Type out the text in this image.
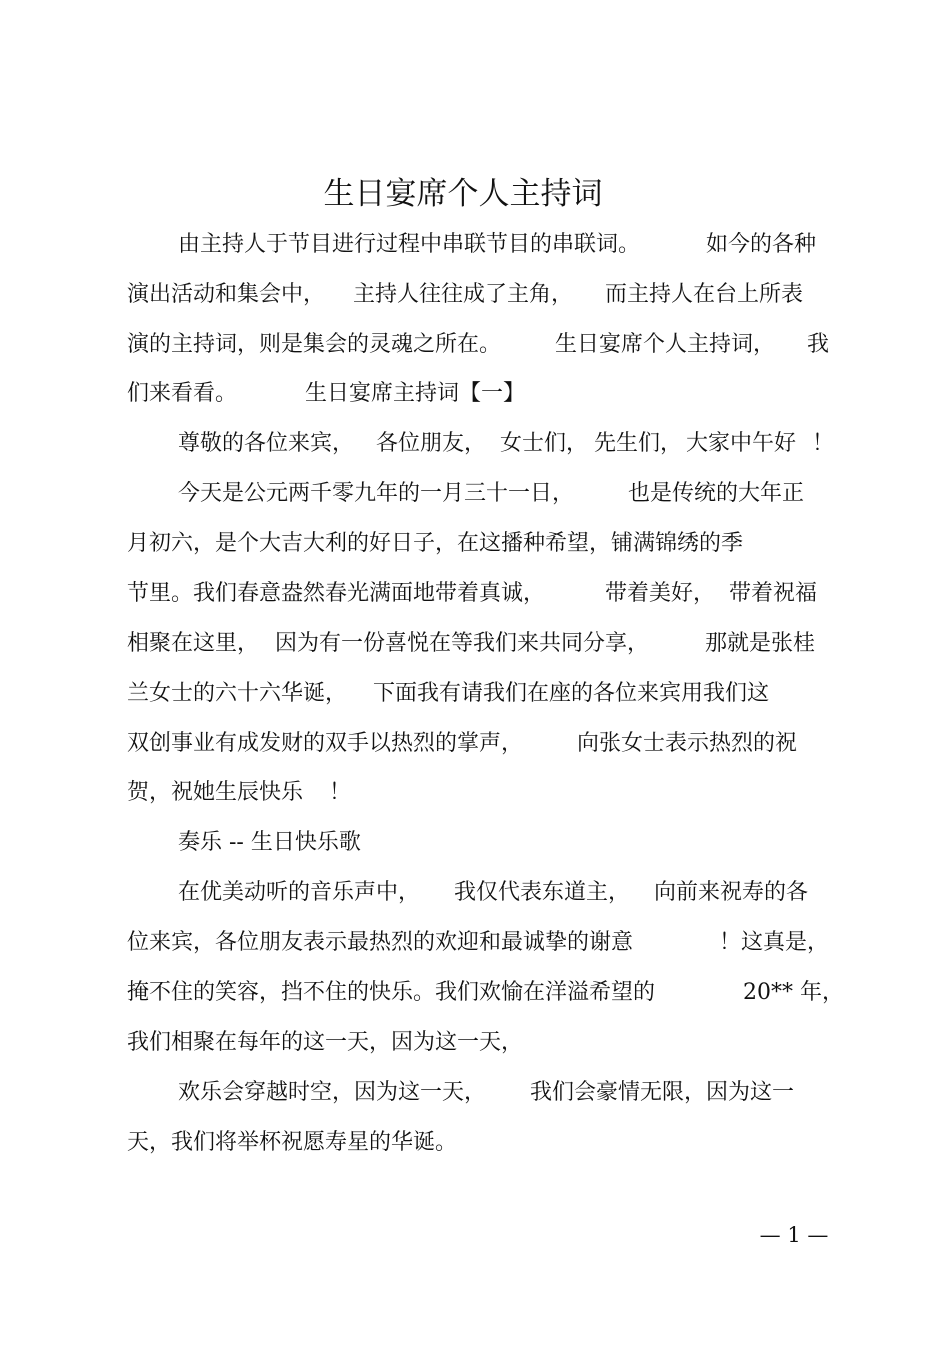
生日宴席个人主持词
由主持人于节目进行过程中串联节目的串联词。	如今的各种
演出活动和集会中， 主持人往往成了主角， 而主持人在台上所表
演的主持词，则是集会的灵魂之所在。 生日宴席个人主持词， 我
们来看看。	生日宴席主持词【一】
尊敬的各位来宾， 各位朋友， 女士们， 先生们， 大家中午好 ！
今天是公元两千零九年的一月三十一日， 也是传统的大年正
月初六，是个大吉大利的好日子，在这播种希望，铺满锦绣的季
节里。我们春意盎然春光满面地带着真诚，	带着美好， 带着祝福
相聚在这里， 因为有一份喜悦在等我们来共同分享，	那就是张桂
兰女士的六十六华诞， 下面我有请我们在座的各位来宾用我们这
双创事业有成发财的双手以热烈的掌声， 向张女士表示热烈的祝
贺，祝她生辰快乐 ！
奏乐 -- 生日快乐歌
在优美动听的音乐声中， 我仅代表东道主， 向前来祝寿的各
位来宾，各位朋友表示最热烈的欢迎和最诚挚的谢意	！这真是，
掩不住的笑容，挡不住的快乐。我们欢愉在洋溢希望的	20** 年，
我们相聚在每年的这一天，因为这一天，
欢乐会穿越时空，因为这一天， 我们会豪情无限，因为这一
天，我们将举杯祝愿寿星的华诞。
— 1 —
